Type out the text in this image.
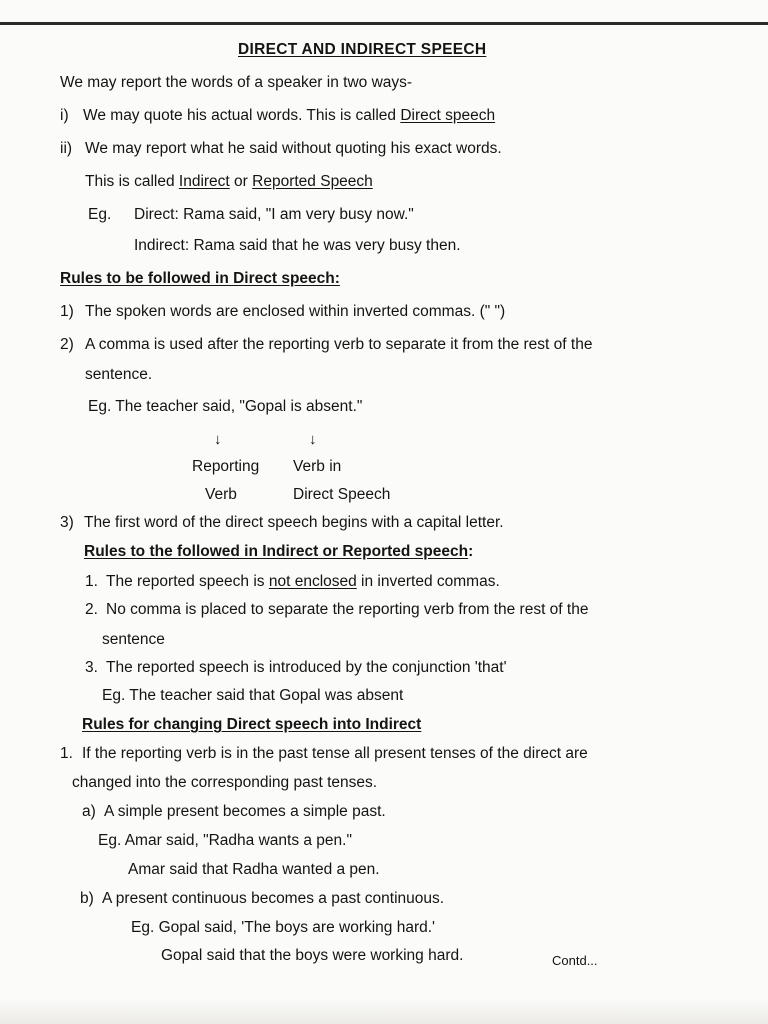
DIRECT AND INDIRECT SPEECH
We may report the words of a speaker in two ways-
i) We may quote his actual words. This is called Direct speech
ii) We may report what he said without quoting his exact words.
This is called Indirect or Reported Speech
Eg. Direct: Rama said, "I am very busy now."
Indirect: Rama said that he was very busy then.
Rules to be followed in Direct speech:
1) The spoken words are enclosed within inverted commas. (" ")
2) A comma is used after the reporting verb to separate it from the rest of the
sentence.
Eg. The teacher said, "Gopal is absent."
↓	↓
Reporting
Verb
Verb in
Direct Speech
3) The first word of the direct speech begins with a capital letter.
Rules to the followed in Indirect or Reported speech:
1. The reported speech is not enclosed in inverted commas.
2. No comma is placed to separate the reporting verb from the rest of the
sentence
3. The reported speech is introduced by the conjunction 'that'
Eg. The teacher said that Gopal was absent
Rules for changing Direct speech into Indirect
1. If the reporting verb is in the past tense all present tenses of the direct are
changed into the corresponding past tenses.
a) A simple present becomes a simple past.
Eg. Amar said, "Radha wants a pen."
Amar said that Radha wanted a pen.
b) A present continuous becomes a past continuous.
Eg. Gopal said, 'The boys are working hard.'
Gopal said that the boys were working hard.	Contd...
